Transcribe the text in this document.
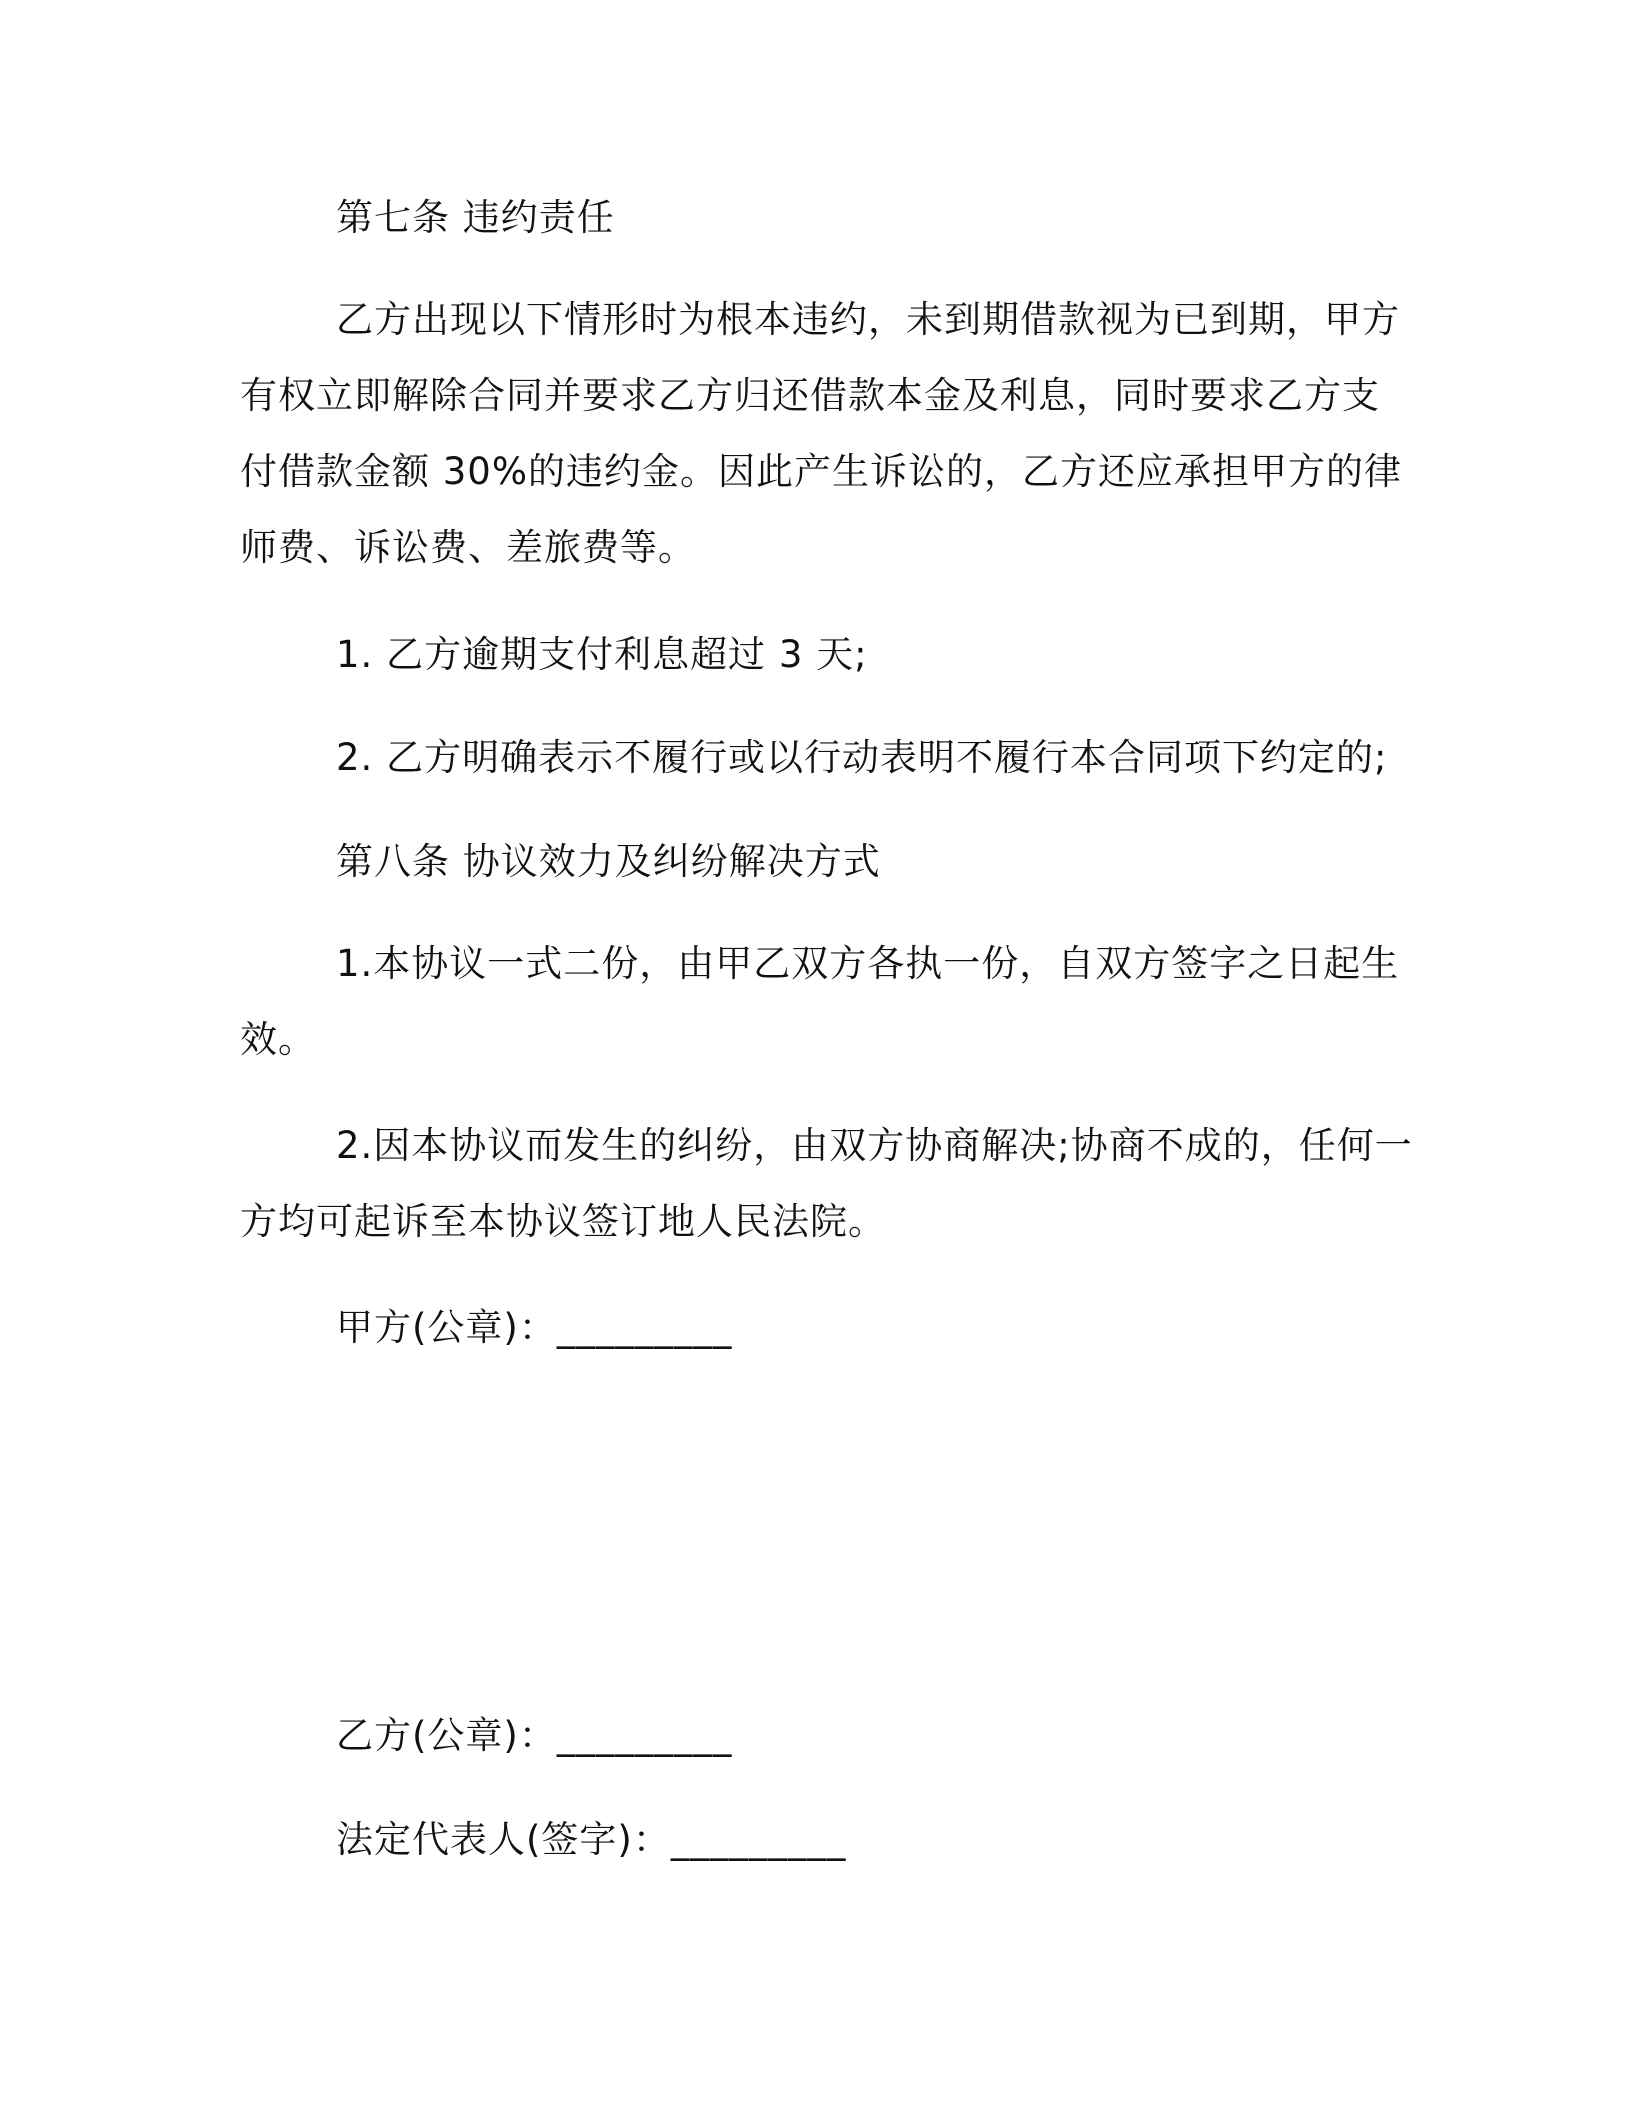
第七条 违约责任
乙方出现以下情形时为根本违约，未到期借款视为已到期，甲方
有权立即解除合同并要求乙方归还借款本金及利息，同时要求乙方支
付借款金额 30%的违约金。因此产生诉讼的，乙方还应承担甲方的律
师费、诉讼费、差旅费等。
1. 乙方逾期支付利息超过 3 天;
2. 乙方明确表示不履行或以行动表明不履行本合同项下约定的;
第八条 协议效力及纠纷解决方式
1.本协议一式二份，由甲乙双方各执一份，自双方签字之日起生
效。
2.因本协议而发生的纠纷，由双方协商解决;协商不成的，任何一
方均可起诉至本协议签订地人民法院。
甲方(公章)：_________
乙方(公章)：_________
法定代表人(签字)：_________
